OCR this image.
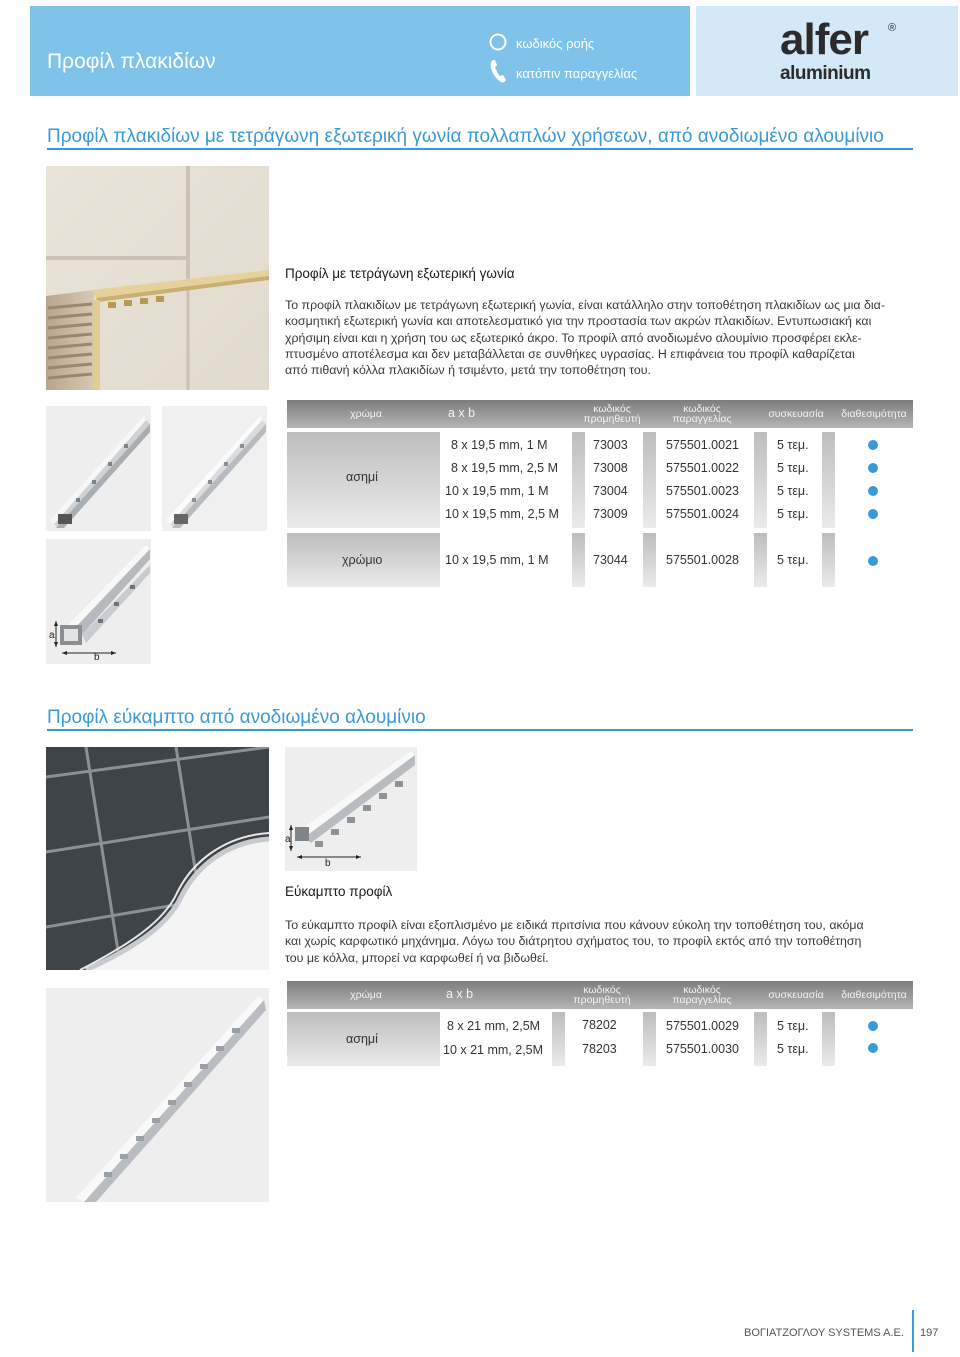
Προφίλ πλακιδίων
κωδικός ροής
κατόπιν παραγγελίας
alfer ®
aluminium
Προφίλ πλακιδίων με τετράγωνη εξωτερική γωνία πολλαπλών χρήσεων, από ανοδιωμένο αλουμίνιο
Προφίλ με τετράγωνη εξωτερική γωνία
Το προφίλ πλακιδίων με τετράγωνη εξωτερική γωνία, είναι κατάλληλο στην τοποθέτηση πλακιδίων ως μια δια-
κοσμητική εξωτερική γωνία και αποτελεσματικό για την προστασία των ακρών πλακιδίων. Εντυπωσιακή και
χρήσιμη είναι και η χρήση του ως εξωτερικό άκρο. Το προφίλ από ανοδιωμένο αλουμίνιο προσφέρει εκλε-
πτυσμένο αποτέλεσμα και δεν μεταβάλλεται σε συνθήκες υγρασίας. Η επιφάνεια του προφίλ καθαρίζεται
από πιθανή κόλλα πλακιδίων ή τσιμέντο, μετά την τοποθέτηση του.
a
b
χρώμα	a x b	κωδικός
προμηθευτή
κωδικός
παραγγελίας	συσκευασία	διαθεσιμότητα
ασημί
8 x 19,5 mm, 1 M	73003	575501.0021	5 τεμ.
8 x 19,5 mm, 2,5 M	73008	575501.0022	5 τεμ.
10 x 19,5 mm, 1 M	73004	575501.0023	5 τεμ.
10 x 19,5 mm, 2,5 M	73009	575501.0024	5 τεμ.
χρώμιο	10 x 19,5 mm, 1 M	73044	575501.0028	5 τεμ.
Προφίλ εύκαμπτο από ανοδιωμένο αλουμίνιο
a
b
Εύκαμπτο προφίλ
Το εύκαμπτο προφίλ είναι εξοπλισμένο με ειδικά πριτσίνια που κάνουν εύκολη την τοποθέτηση του, ακόμα
και χωρίς καρφωτικό μηχάνημα. Λόγω του διάτρητου σχήματος του, το προφίλ εκτός από την τοποθέτηση
του με κόλλα, μπορεί να καρφωθεί ή να βιδωθεί.
χρώμα	a x b	κωδικός
προμηθευτή
κωδικός
παραγγελίας	συσκευασία	διαθεσιμότητα
ασημί
8 x 21 mm, 2,5M	78202	575501.0029	5 τεμ.
10 x 21 mm, 2,5M	78203	575501.0030	5 τεμ.
ΒΟΓΙΑΤΖΟΓΛΟΥ SYSTEMS A.E. 197
